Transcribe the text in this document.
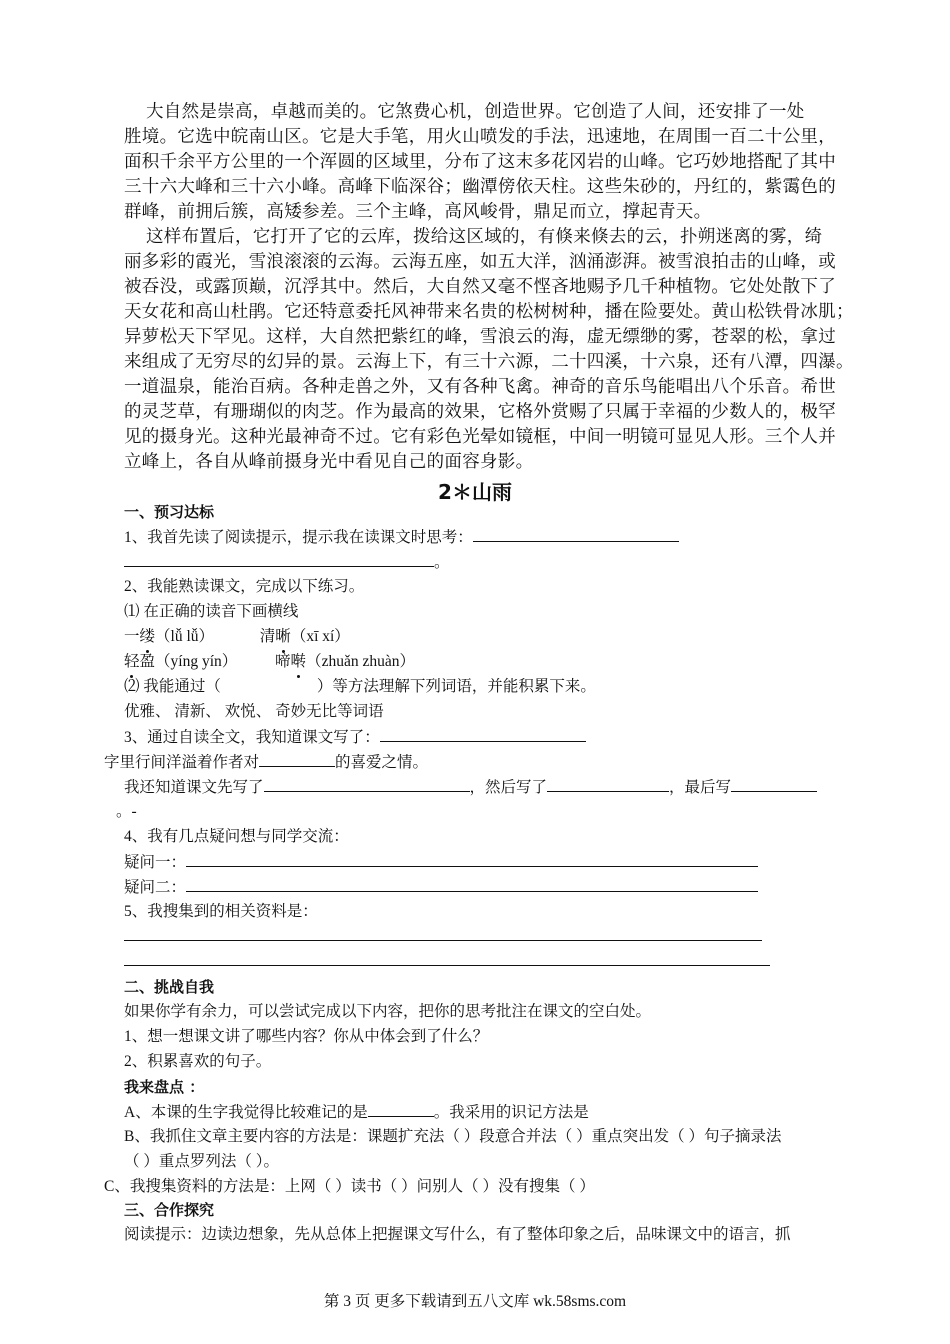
大自然是崇高，卓越而美的。它煞费心机，创造世界。它创造了人间，还安排了一处
胜境。它选中皖南山区。它是大手笔，用火山喷发的手法，迅速地，在周围一百二十公里，
面积千余平方公里的一个浑圆的区域里，分布了这末多花冈岩的山峰。它巧妙地搭配了其中
三十六大峰和三十六小峰。高峰下临深谷；幽潭傍依天柱。这些朱砂的，丹红的，紫霭色的
群峰，前拥后簇，高矮参差。三个主峰，高风峻骨，鼎足而立，撑起青天。
这样布置后，它打开了它的云库，拨给这区域的，有倏来倏去的云，扑朔迷离的雾，绮
丽多彩的霞光，雪浪滚滚的云海。云海五座，如五大洋，汹涌澎湃。被雪浪拍击的山峰，或
被吞没，或露顶巅，沉浮其中。然后，大自然又毫不悭吝地赐予几千种植物。它处处散下了
天女花和高山杜鹃。它还特意委托风神带来名贵的松树树种，播在险要处。黄山松铁骨冰肌；
异萝松天下罕见。这样，大自然把紫红的峰，雪浪云的海，虚无缥缈的雾，苍翠的松，拿过
来组成了无穷尽的幻异的景。云海上下，有三十六源，二十四溪，十六泉，还有八潭，四瀑。
一道温泉，能治百病。各种走兽之外，又有各种飞禽。神奇的音乐鸟能唱出八个乐音。希世
的灵芝草，有珊瑚似的肉芝。作为最高的效果，它格外赏赐了只属于幸福的少数人的，极罕
见的摄身光。这种光最神奇不过。它有彩色光晕如镜框，中间一明镜可显见人形。三个人并
立峰上，各自从峰前摄身光中看见自己的面容身影。
2＊山雨
一、预习达标
1、我首先读了阅读提示，提示我在读课文时思考：
。
2、我能熟读课文，完成以下练习。
⑴ 在正确的读音下画横线
一缕（lǚ lǚ）	清晰（xī xí）
轻盈（yíng yín） 啼啭（zhuǎn zhuàn）
⑵ 我能通过（	）等方法理解下列词语，并能积累下来。
优雅、 清新、 欢悦、 奇妙无比等词语
3、通过自读全文，我知道课文写了：
字里行间洋溢着作者对	的喜爱之情。
我还知道课文先写了	，然后写了	，最后写
。-
4、我有几点疑问想与同学交流：
疑问一：
疑问二：
5、我搜集到的相关资料是：
二、挑战自我
如果你学有余力，可以尝试完成以下内容，把你的思考批注在课文的空白处。
1、想一想课文讲了哪些内容？你从中体会到了什么？
2、积累喜欢的句子。
我来盘点 ：
A、本课的生字我觉得比较难记的是	。我采用的识记方法是
B、我抓住文章主要内容的方法是：课题扩充法（ ）段意合并法（ ）重点突出发（ ）句子摘录法
（ ）重点罗列法（ ）。
C、我搜集资料的方法是：上网（ ）读书（ ）问别人（ ）没有搜集（ ）
三、合作探究
阅读提示：边读边想象，先从总体上把握课文写什么，有了整体印象之后，品味课文中的语言，抓
第 3 页 更多下载请到五八文库 wk.58sms.com
